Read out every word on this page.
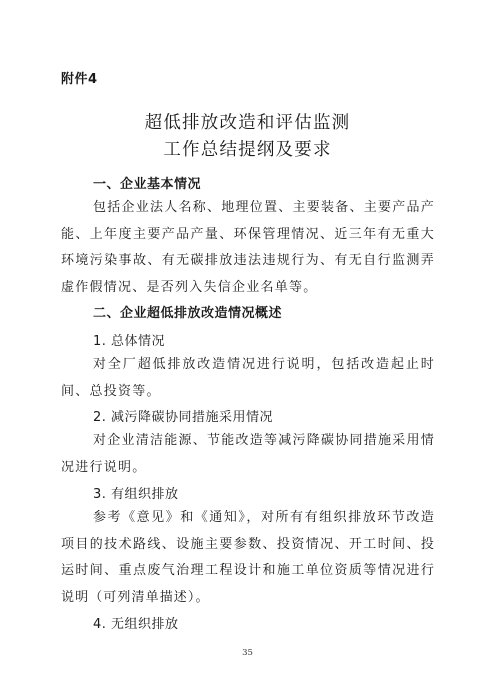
附件4
超低排放改造和评估监测
工作总结提纲及要求
一、企业基本情况
包括企业法人名称、地理位置、主要装备、主要产品产能、上年度主要产品产量、环保管理情况、近三年有无重大环境污染事故、有无碳排放违法违规行为、有无自行监测弄虚作假情况、是否列入失信企业名单等。
二、企业超低排放改造情况概述
1. 总体情况
对全厂超低排放改造情况进行说明，包括改造起止时间、总投资等。
2. 减污降碳协同措施采用情况
对企业清洁能源、节能改造等减污降碳协同措施采用情况进行说明。
3. 有组织排放
参考《意见》和《通知》，对所有有组织排放环节改造项目的技术路线、设施主要参数、投资情况、开工时间、投运时间、重点废气治理工程设计和施工单位资质等情况进行说明（可列清单描述）。
4. 无组织排放
35
